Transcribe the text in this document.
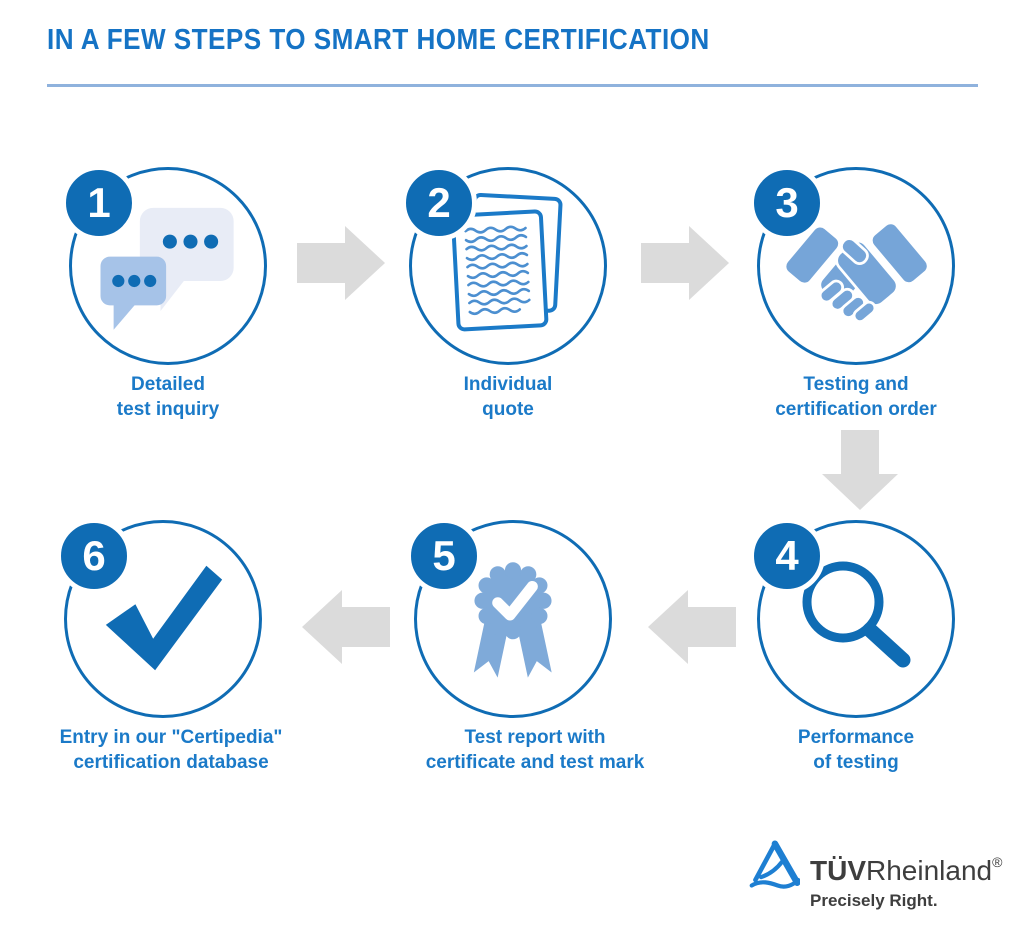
IN A FEW STEPS TO SMART HOME CERTIFICATION
1
Detailed
test inquiry
2
Individual
quote
3
Testing and
certification order
4
Performance
of testing
5
Test report with
certificate and test mark
6
Entry in our "Certipedia"
certification database
TÜVRheinland®
Precisely Right.
